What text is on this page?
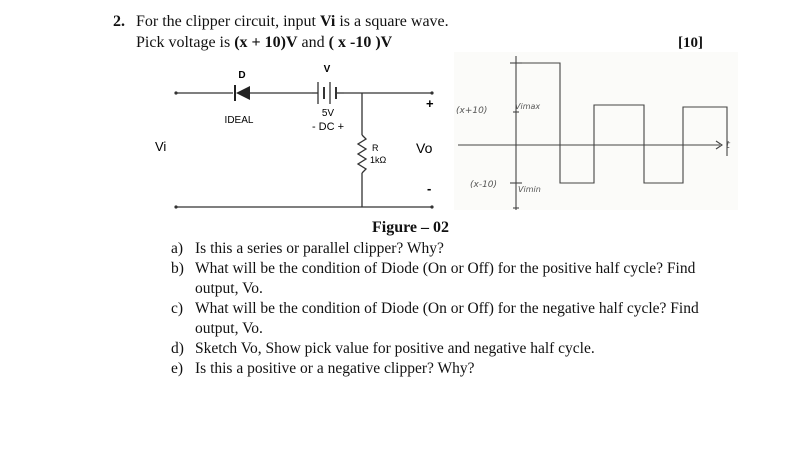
2. For the clipper circuit, input Vi is a square wave.
Pick voltage is (x + 10)V and ( x -10 )V	[10]
D
IDEAL
V
5V
- DC +
R
1kΩ
Vi	Vo
+
-
(x+10)	Vimax
(x-10)	Vimin
t
Figure – 02
a) Is this a series or parallel clipper? Why?
b) What will be the condition of Diode (On or Off) for the positive half cycle? Find
output, Vo.
c) What will be the condition of Diode (On or Off) for the negative half cycle? Find
output, Vo.
d) Sketch Vo, Show pick value for positive and negative half cycle.
e) Is this a positive or a negative clipper? Why?
